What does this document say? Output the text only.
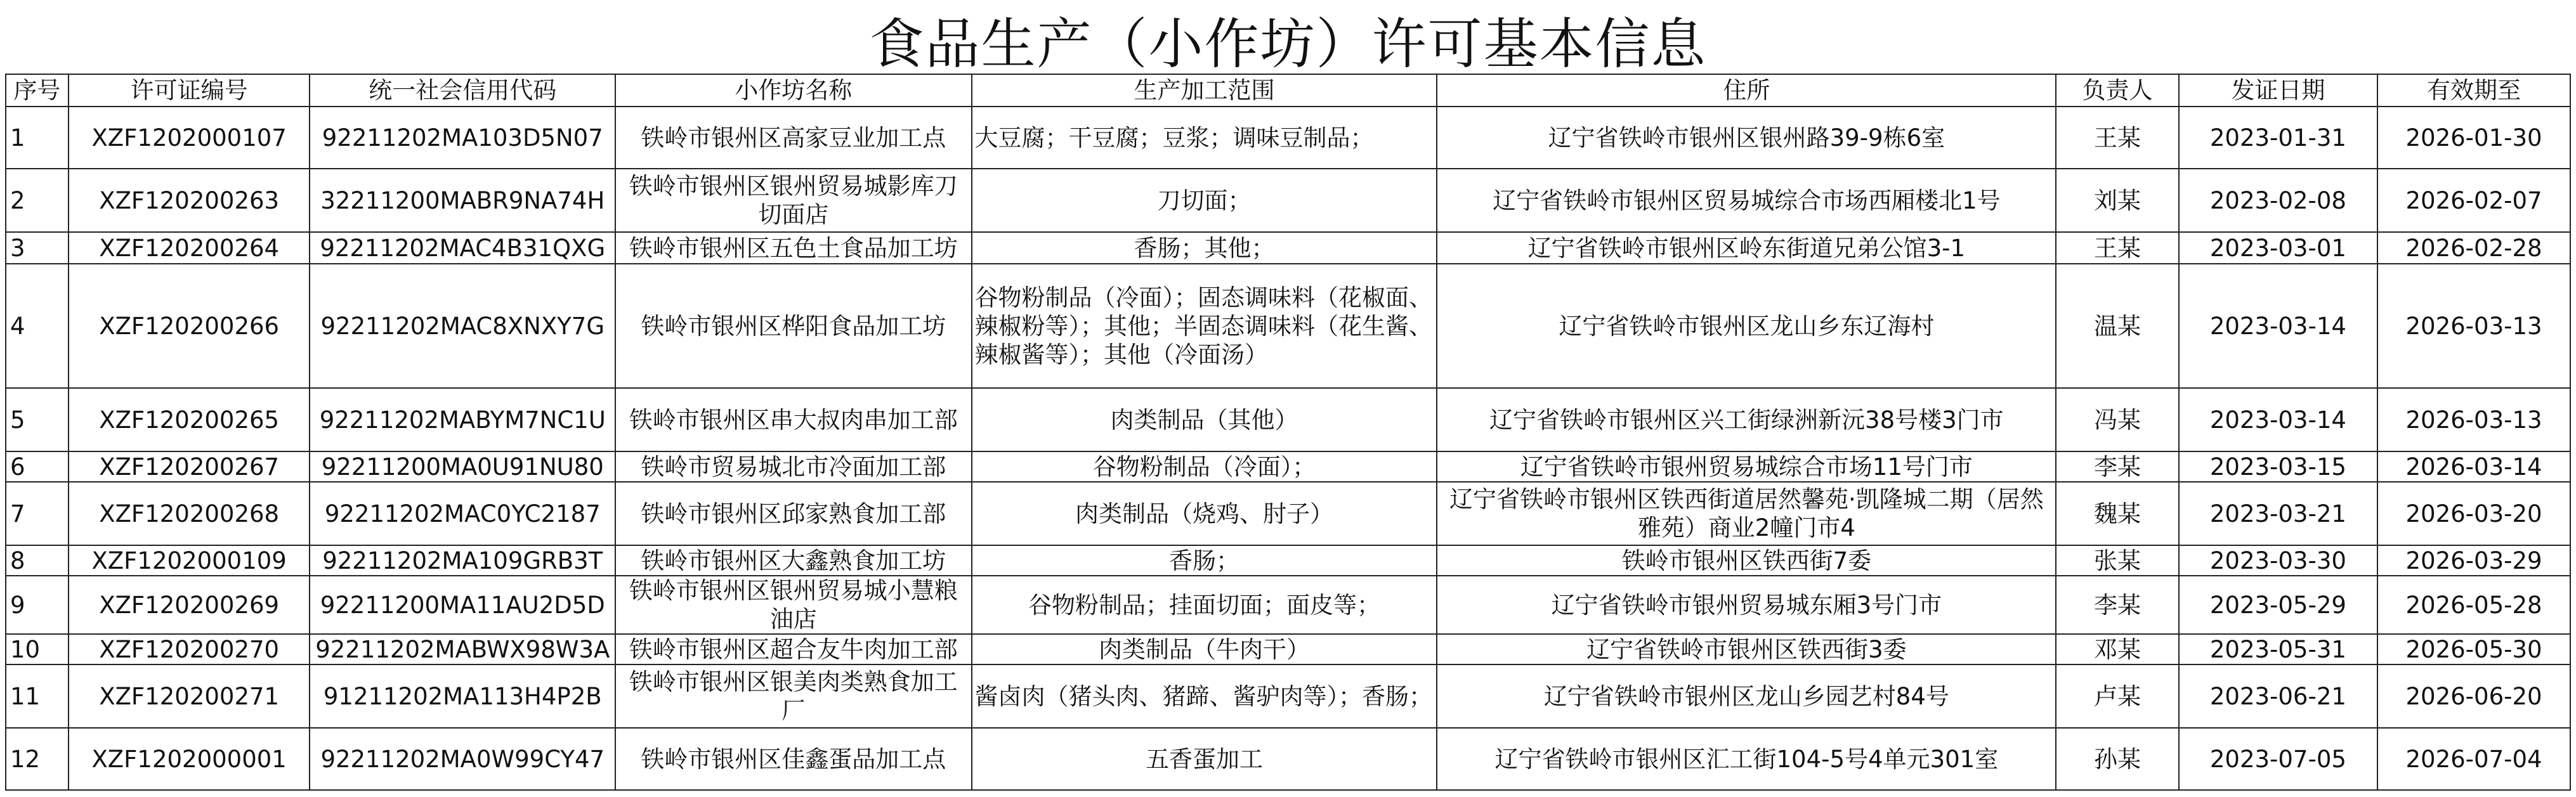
食品生产（小作坊）许可基本信息
序号	许可证编号	统一社会信用代码	小作坊名称	生产加工范围	住所	负责人	发证日期	有效期至
1	XZF1202000107	92211202MA103D5N07	铁岭市银州区高家豆业加工点	大豆腐；干豆腐；豆浆；调味豆制品；	辽宁省铁岭市银州区银州路39-9栋6室	王某	2023-01-31	2026-01-30
2	XZF120200263	32211200MABR9NA74H	铁岭市银州区银州贸易城影库刀切面店	刀切面；	辽宁省铁岭市银州区贸易城综合市场西厢楼北1号	刘某	2023-02-08	2026-02-07
3	XZF120200264	92211202MAC4B31QXG	铁岭市银州区五色土食品加工坊	香肠；其他；	辽宁省铁岭市银州区岭东街道兄弟公馆3-1	王某	2023-03-01	2026-02-28
4	XZF120200266	92211202MAC8XNXY7G	铁岭市银州区桦阳食品加工坊	谷物粉制品（冷面）；固态调味料（花椒面、辣椒粉等）；其他；半固态调味料（花生酱、辣椒酱等）；其他（冷面汤）	辽宁省铁岭市银州区龙山乡东辽海村	温某	2023-03-14	2026-03-13
5	XZF120200265	92211202MABYM7NC1U	铁岭市银州区串大叔肉串加工部	肉类制品（其他）	辽宁省铁岭市银州区兴工街绿洲新沅38号楼3门市	冯某	2023-03-14	2026-03-13
6	XZF120200267	92211200MA0U91NU80	铁岭市贸易城北市冷面加工部	谷物粉制品（冷面）；	辽宁省铁岭市银州贸易城综合市场11号门市	李某	2023-03-15	2026-03-14
7	XZF120200268	92211202MAC0YC2187	铁岭市银州区邱家熟食加工部	肉类制品（烧鸡、肘子）	辽宁省铁岭市银州区铁西街道居然馨苑·凯隆城二期（居然雅苑）商业2幢门市4	魏某	2023-03-21	2026-03-20
8	XZF1202000109	92211202MA109GRB3T	铁岭市银州区大鑫熟食加工坊	香肠；	铁岭市银州区铁西街7委	张某	2023-03-30	2026-03-29
9	XZF120200269	92211200MA11AU2D5D	铁岭市银州区银州贸易城小慧粮油店	谷物粉制品；挂面切面；面皮等；	辽宁省铁岭市银州贸易城东厢3号门市	李某	2023-05-29	2026-05-28
10	XZF120200270	92211202MABWX98W3A	铁岭市银州区超合友牛肉加工部	肉类制品（牛肉干）	辽宁省铁岭市银州区铁西街3委	邓某	2023-05-31	2026-05-30
11	XZF120200271	91211202MA113H4P2B	铁岭市银州区银美肉类熟食加工厂	酱卤肉（猪头肉、猪蹄、酱驴肉等）；香肠；	辽宁省铁岭市银州区龙山乡园艺村84号	卢某	2023-06-21	2026-06-20
12	XZF1202000001	92211202MA0W99CY47	铁岭市银州区佳鑫蛋品加工点	五香蛋加工	辽宁省铁岭市银州区汇工街104-5号4单元301室	孙某	2023-07-05	2026-07-04
